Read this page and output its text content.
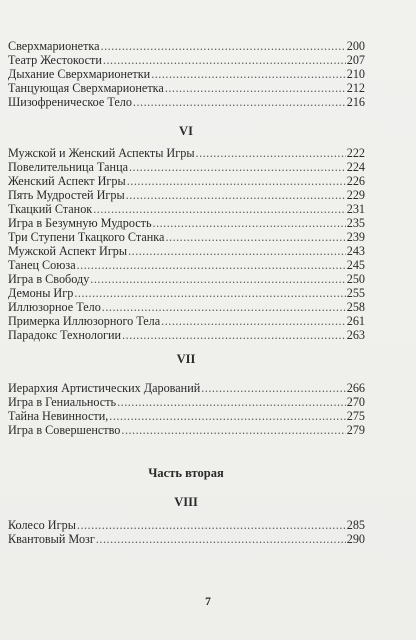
Сверхмарионетка .....	200
Театр Жестокости .....	207
Дыхание Сверхмарионетки .....	210
Танцующая Сверхмарионетка .....	212
Шизофреническое Тело .....	216
VI
Мужской и Женский Аспекты Игры .....	222
Повелительница Танца .....	224
Женский Аспект Игры .....	226
Пять Мудростей Игры .....	229
Ткацкий Станок .....	231
Игра в Безумную Мудрость .....	235
Три Ступени Ткацкого Станка .....	239
Мужской Аспект Игры .....	243
Танец Союза .....	245
Игра в Свободу .....	250
Демоны Игр .....	255
Иллюзорное Тело .....	258
Примерка Иллюзорного Тела .....	261
Парадокс Технологии .....	263
VII
Иерархия Артистических Дарований .....	266
Игра в Гениальность .....	270
Тайна Невинности, .....	275
Игра в Совершенство .....	279
Часть вторая
VIII
Колесо Игры .....	285
Квантовый Мозг .....	290
7
